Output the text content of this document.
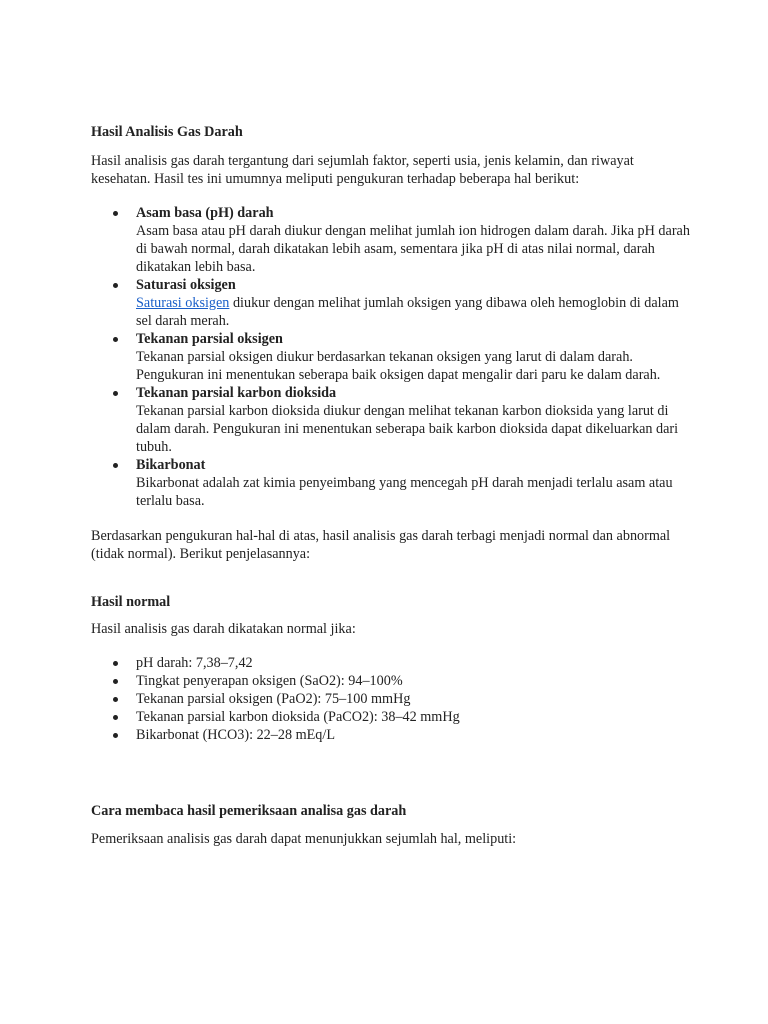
Hasil Analisis Gas Darah

Hasil analisis gas darah tergantung dari sejumlah faktor, seperti usia, jenis kelamin, dan riwayat kesehatan. Hasil tes ini umumnya meliputi pengukuran terhadap beberapa hal berikut:

Asam basa (pH) darah
Asam basa atau pH darah diukur dengan melihat jumlah ion hidrogen dalam darah. Jika pH darah di bawah normal, darah dikatakan lebih asam, sementara jika pH di atas nilai normal, darah dikatakan lebih basa.
Saturasi oksigen
Saturasi oksigen diukur dengan melihat jumlah oksigen yang dibawa oleh hemoglobin di dalam sel darah merah.
Tekanan parsial oksigen
Tekanan parsial oksigen diukur berdasarkan tekanan oksigen yang larut di dalam darah. Pengukuran ini menentukan seberapa baik oksigen dapat mengalir dari paru ke dalam darah.
Tekanan parsial karbon dioksida
Tekanan parsial karbon dioksida diukur dengan melihat tekanan karbon dioksida yang larut di dalam darah. Pengukuran ini menentukan seberapa baik karbon dioksida dapat dikeluarkan dari tubuh.
Bikarbonat
Bikarbonat adalah zat kimia penyeimbang yang mencegah pH darah menjadi terlalu asam atau terlalu basa.

Berdasarkan pengukuran hal-hal di atas, hasil analisis gas darah terbagi menjadi normal dan abnormal (tidak normal). Berikut penjelasannya:

Hasil normal

Hasil analisis gas darah dikatakan normal jika:

pH darah: 7,38–7,42
Tingkat penyerapan oksigen (SaO2): 94–100%
Tekanan parsial oksigen (PaO2): 75–100 mmHg
Tekanan parsial karbon dioksida (PaCO2): 38–42 mmHg
Bikarbonat (HCO3): 22–28 mEq/L
Cara membaca hasil pemeriksaan analisa gas darah

Pemeriksaan analisis gas darah dapat menunjukkan sejumlah hal, meliputi:
